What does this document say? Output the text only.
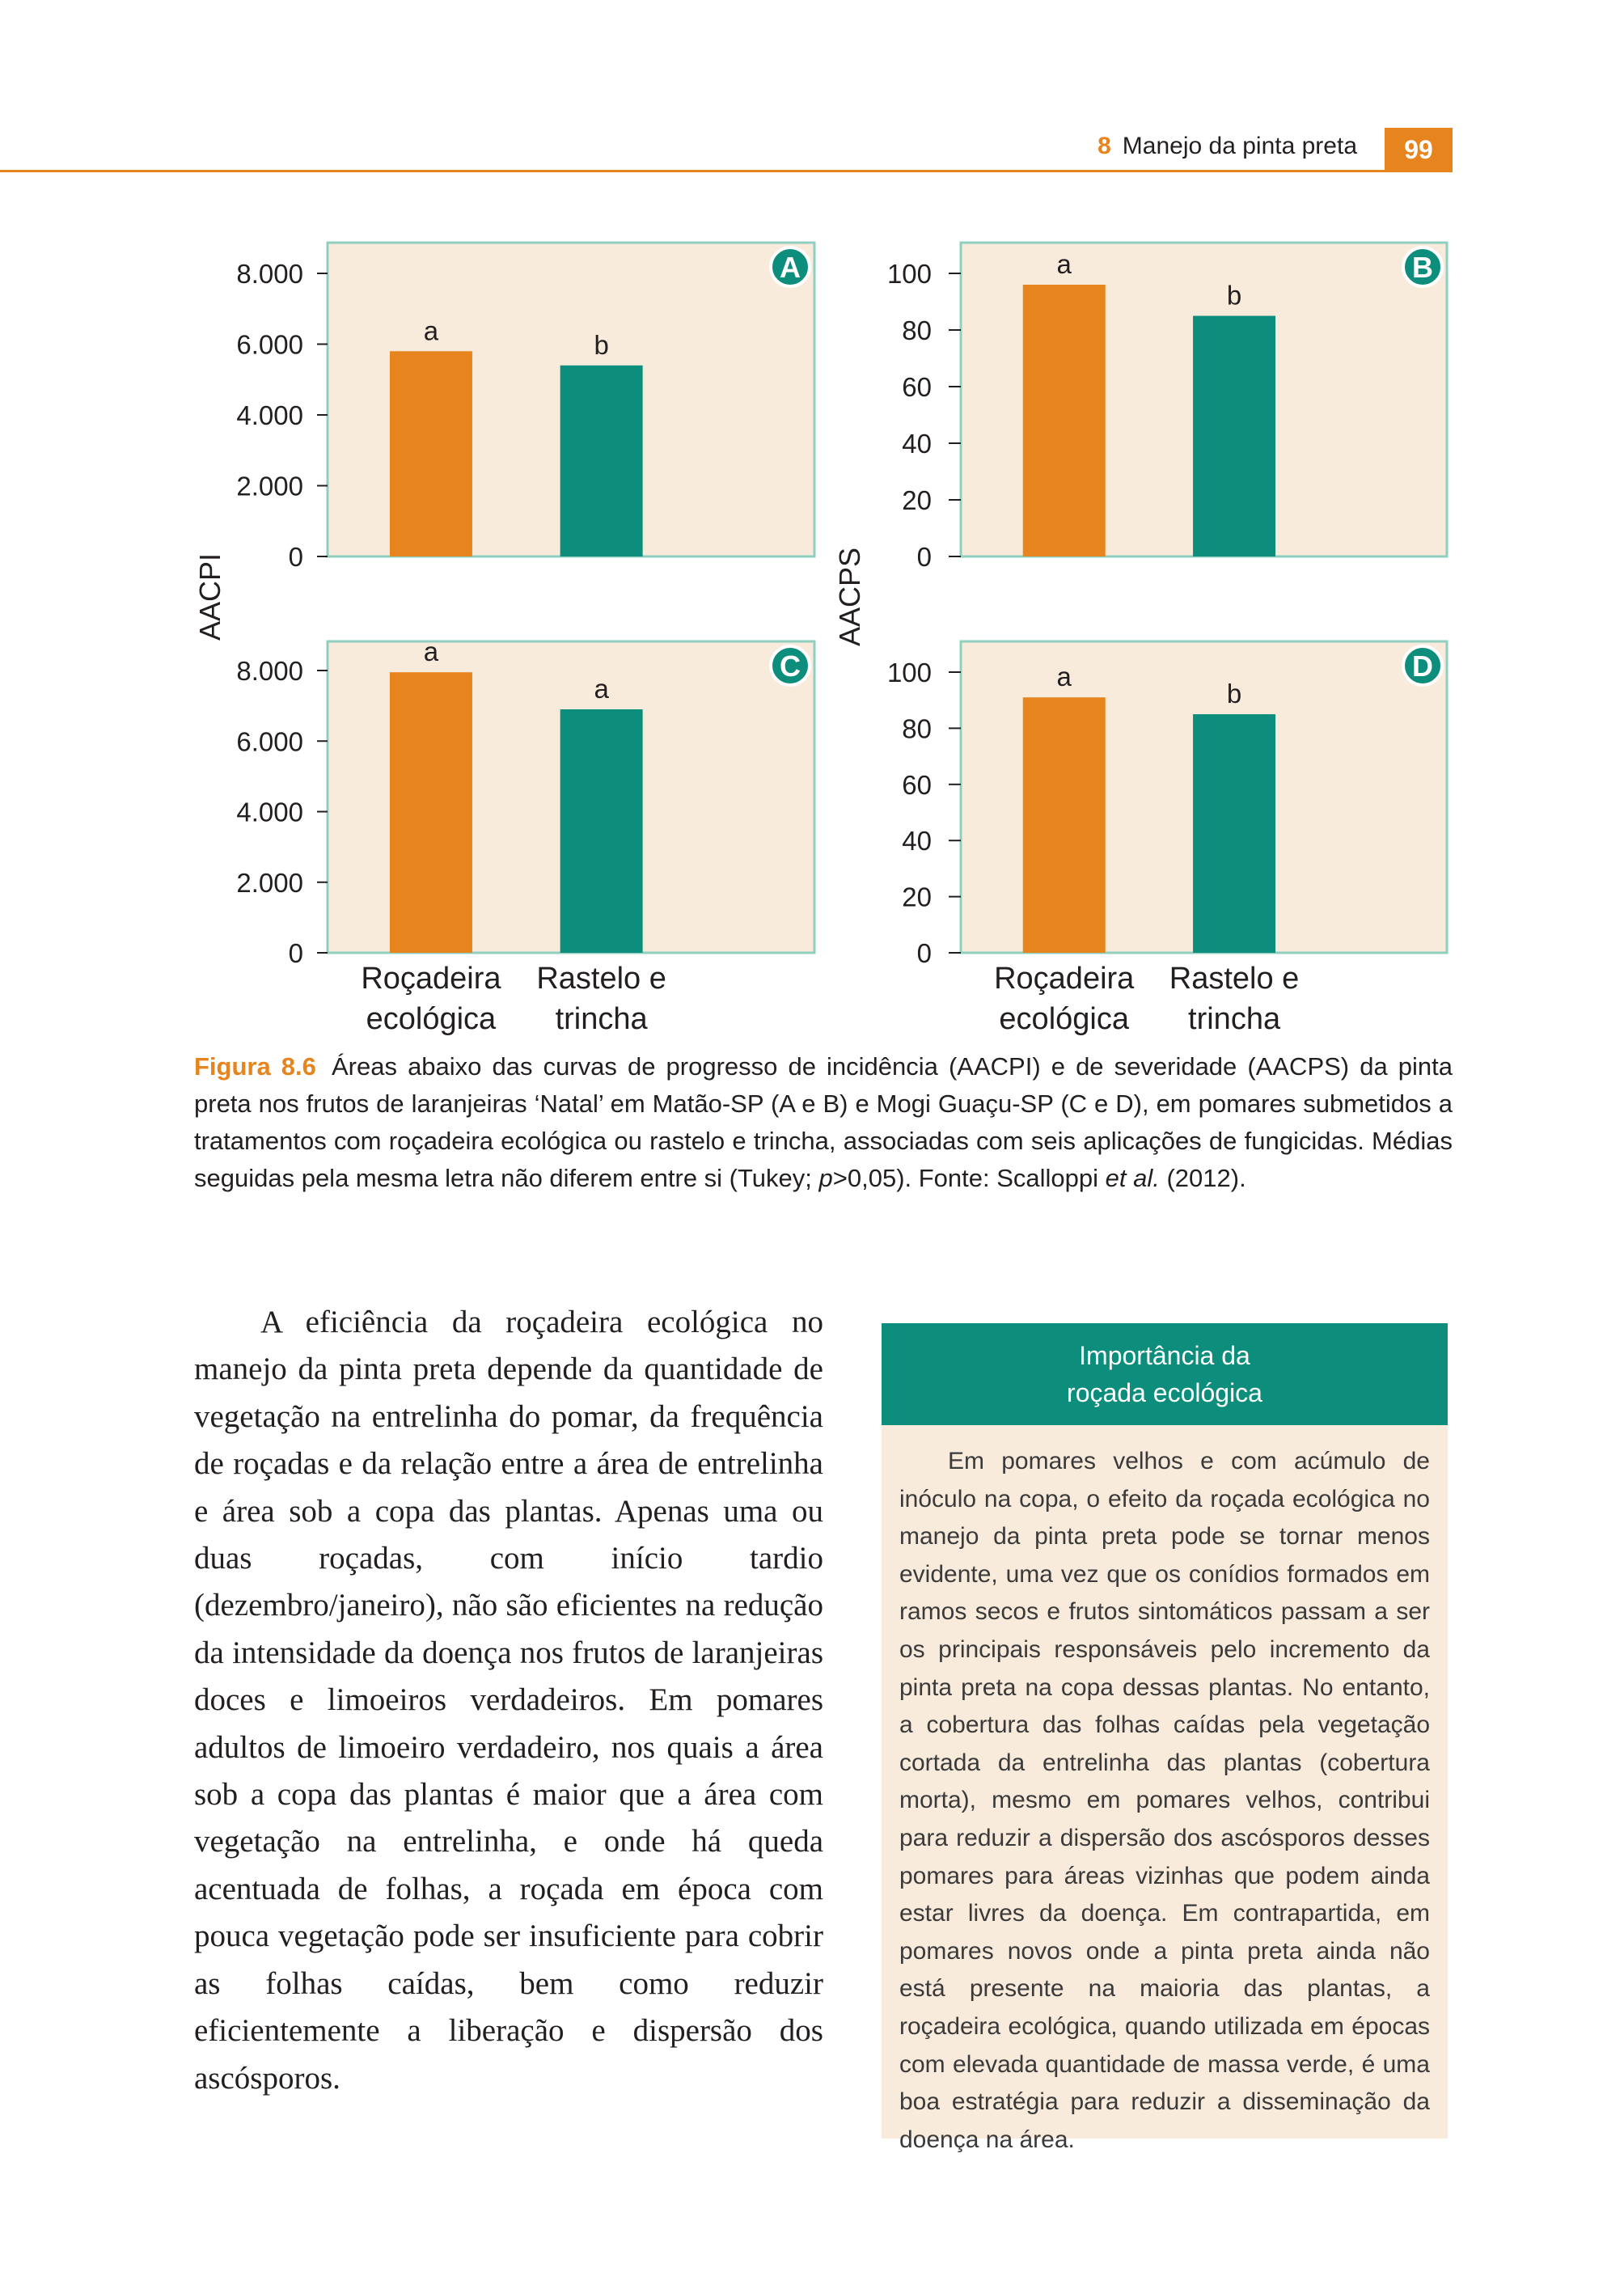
8 Manejo da pinta preta	99
AACPI	AACPS
0
2.000
4.000
6.000
8.000
a	b
A
0
20
40
60
80
100	a
b
B
0
2.000
4.000
6.000
8.000
a
Roçadeira
ecológica
a
Rastelo e
trincha
C
0
20
40
60
80
100	a
Roçadeira
ecológica
b
Rastelo e
trincha
D
Figura 8.6 Áreas abaixo das curvas de progresso de incidência (AACPI) e de severidade (AACPS) da pinta preta nos frutos de laranjeiras ‘Natal’ em Matão-SP (A e B) e Mogi Guaçu-SP (C e D), em pomares submetidos a tratamentos com roçadeira ecológica ou rastelo e trincha, associadas com seis aplicações de fungicidas. Médias seguidas pela mesma letra não diferem entre si (Tukey; p>0,05). Fonte: Scalloppi et al. (2012).
A eficiência da roçadeira ecológica no manejo da pinta preta depende da quantidade de vegetação na entrelinha do pomar, da frequência de roçadas e da relação entre a área de entrelinha e área sob a copa das plantas. Apenas uma ou duas roçadas, com início tardio (dezembro/janeiro), não são eficientes na redução da intensidade da doença nos frutos de laranjeiras doces e limoeiros verdadeiros. Em pomares adultos de limoeiro verdadeiro, nos quais a área sob a copa das plantas é maior que a área com vegetação na entrelinha, e onde há queda acentuada de folhas, a roçada em época com pouca vegetação pode ser insuficiente para cobrir as folhas caídas, bem como reduzir eficientemente a liberação e dispersão dos ascósporos.
Importância da
roçada ecológica
Em pomares velhos e com acúmulo de inóculo na copa, o efeito da roçada ecológica no manejo da pinta preta pode se tornar menos evidente, uma vez que os conídios formados em ramos secos e frutos sintomáticos passam a ser os principais responsáveis pelo incremento da pinta preta na copa dessas plantas. No entanto, a cobertura das folhas caídas pela vegetação cortada da entrelinha das plantas (cobertura morta), mesmo em pomares velhos, contribui para reduzir a dispersão dos ascósporos desses pomares para áreas vizinhas que podem ainda estar livres da doença. Em contrapartida, em pomares novos onde a pinta preta ainda não está presente na maioria das plantas, a roçadeira ecológica, quando utilizada em épocas com elevada quantidade de massa verde, é uma boa estratégia para reduzir a disseminação da doença na área.
